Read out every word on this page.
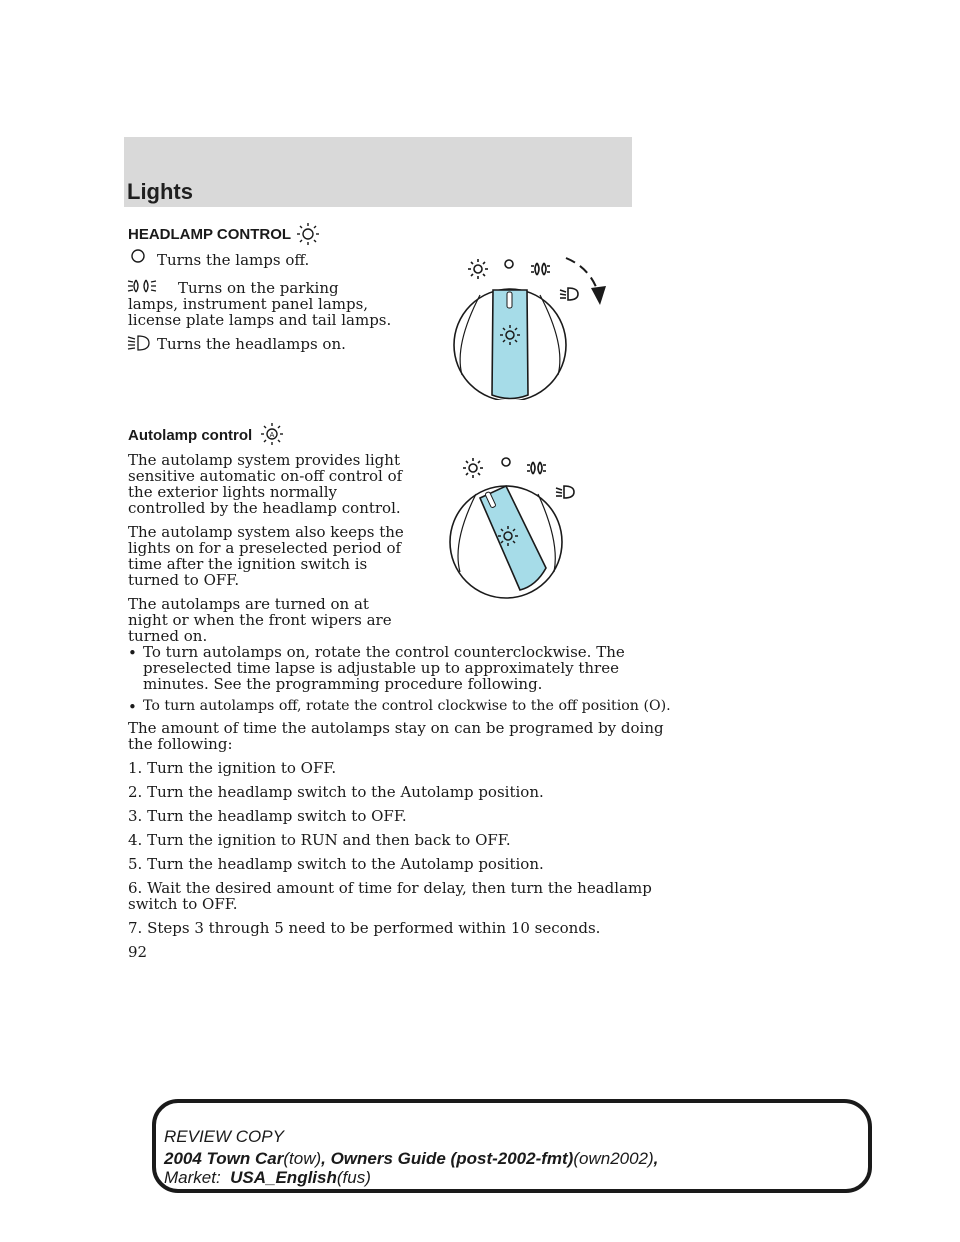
Lights
HEADLAMP CONTROL
Turns the lamps off.
Turns on the parking
lamps, instrument panel lamps,
license plate lamps and tail lamps.
Turns the headlamps on.
Autolamp control A
The autolamp system provides light
sensitive automatic on-off control of
the exterior lights normally
controlled by the headlamp control.
The autolamp system also keeps the
lights on for a preselected period of
time after the ignition switch is
turned to OFF.
The autolamps are turned on at
night or when the front wipers are
turned on.
• To turn autolamps on, rotate the control counterclockwise. The
preselected time lapse is adjustable up to approximately three
minutes. See the programming procedure following.
• To turn autolamps off, rotate the control clockwise to the off position (O).
The amount of time the autolamps stay on can be programed by doing
the following:
1. Turn the ignition to OFF.
2. Turn the headlamp switch to the Autolamp position.
3. Turn the headlamp switch to OFF.
4. Turn the ignition to RUN and then back to OFF.
5. Turn the headlamp switch to the Autolamp position.
6. Wait the desired amount of time for delay, then turn the headlamp
switch to OFF.
7. Steps 3 through 5 need to be performed within 10 seconds.
92
REVIEW COPY
2004 Town Car(tow), Owners Guide (post-2002-fmt)(own2002),
Market:  USA_English(fus)
